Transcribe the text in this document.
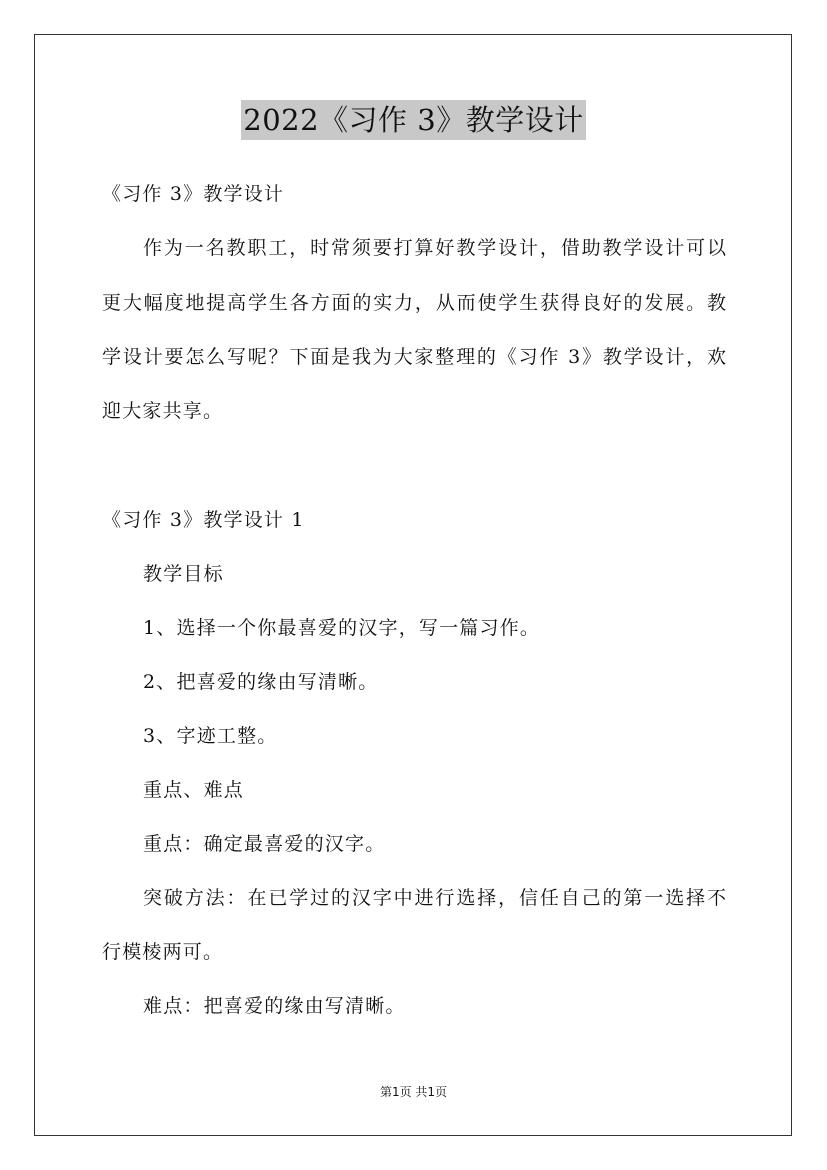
2022《习作 3》教学设计
《习作 3》教学设计
作为一名教职工，时常须要打算好教学设计，借助教学设计可以
更大幅度地提高学生各方面的实力，从而使学生获得良好的发展。教
学设计要怎么写呢？下面是我为大家整理的《习作 3》教学设计，欢
迎大家共享。
《习作 3》教学设计 1
教学目标
1、选择一个你最喜爱的汉字，写一篇习作。
2、把喜爱的缘由写清晰。
3、字迹工整。
重点、难点
重点：确定最喜爱的汉字。
突破方法：在已学过的汉字中进行选择，信任自己的第一选择不
行模棱两可。
难点：把喜爱的缘由写清晰。
第1页 共1页
